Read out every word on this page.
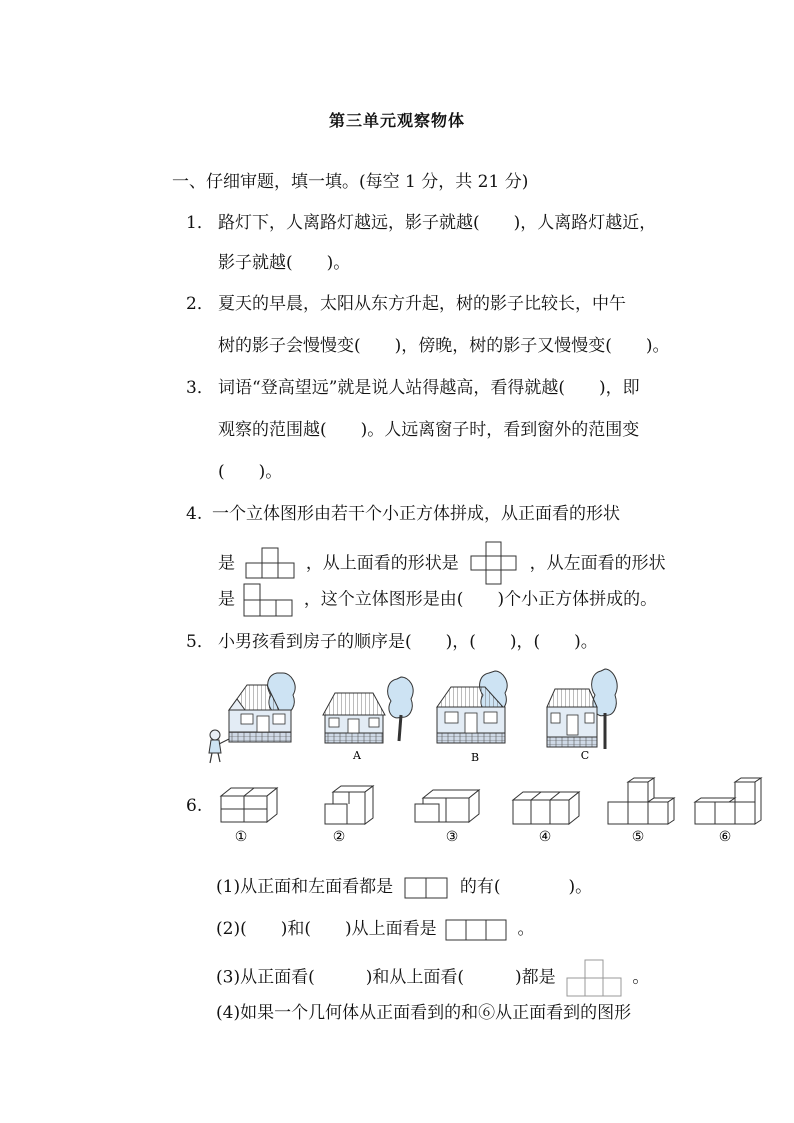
第三单元观察物体
一、仔细审题，填一填。(每空 1 分，共 21 分)
1． 路灯下，人离路灯越远，影子就越(　　)，人离路灯越近，
影子就越(　　)。
2． 夏天的早晨，太阳从东方升起，树的影子比较长，中午
树的影子会慢慢变(　　)，傍晚，树的影子又慢慢变(　　)。
3． 词语“登高望远”就是说人站得越高，看得就越(　　)，即
观察的范围越(　　)。人远离窗子时，看到窗外的范围变
(　　)。
4. 一个立体图形由若干个小正方体拼成，从正面看的形状
是	，从上面看的形状是	，从左面看的形状
是	，这个立体图形是由(　　)个小正方体拼成的。
5． 小男孩看到房子的顺序是(　　)，(　　)，(　　)。
A	B	C
6.
①	②	③	④	⑤	⑥
(1)从正面和左面看都是	的有(　　　　)。
(2)(　　)和(　　)从上面看是	。
(3)从正面看(　　　)和从上面看(　　　)都是	。
(4)如果一个几何体从正面看到的和⑥从正面看到的图形
